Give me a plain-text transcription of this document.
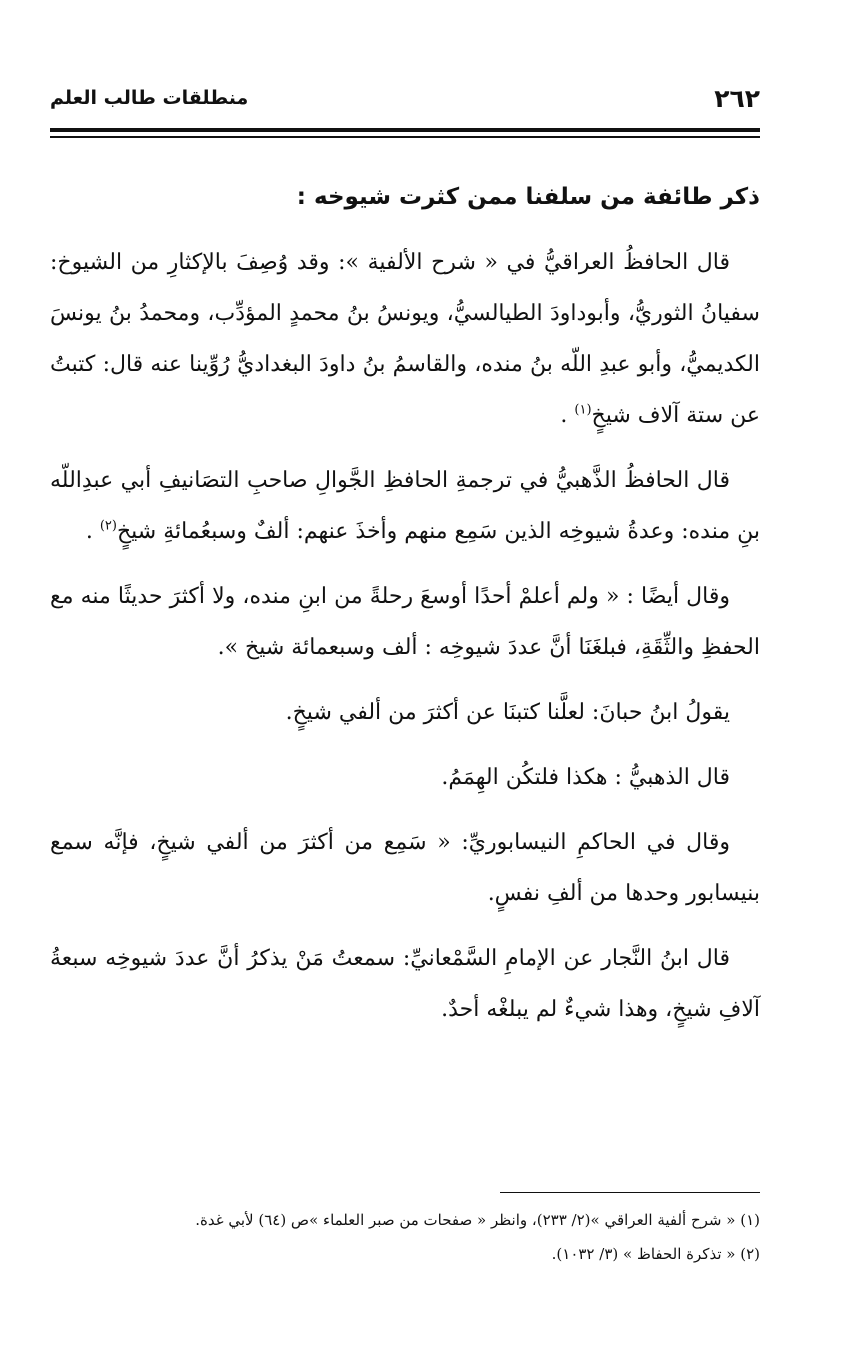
منطلقات طالب العلم	٢٦٢

ذكر طائفة من سلفنا ممن كثرت شيوخه :

قال الحافظُ العراقيُّ في « شرح الألفية »: وقد وُصِفَ بالإكثارِ من الشيوخ: سفيانُ الثوريُّ، وأبوداودَ الطيالسيُّ، ويونسُ بنُ محمدٍ المؤدِّب، ومحمدُ بنُ يونسَ الكديميُّ، وأبو عبدِ اللّه بنُ منده، والقاسمُ بنُ داودَ البغداديُّ رُوِّينا عنه قال: كتبتُ عن ستة آلاف شيخٍ$^{(١)}$ .

قال الحافظُ الذَّهبيُّ في ترجمةِ الحافظِ الجَّوالِ صاحبِ التصَانيفِ أبي عبدِاللّه بنِ منده: وعدةُ شيوخِه الذين سَمِع منهم وأخذَ عنهم: ألفٌ وسبعُمائةِ شيخٍ$^{(٢)}$ .

وقال أيضًا : « ولم أعلمْ أحدًا أوسعَ رحلةً من ابنِ منده، ولا أكثرَ حديثًا منه مع الحفظِ والثِّقَةِ، فبلغَنَا أنَّ عددَ شيوخِه : ألف وسبعمائة شيخ ».

يقولُ ابنُ حبانَ: لعلَّنا كتبنَا عن أكثرَ من ألفي شيخٍ.

قال الذهبيُّ : هكذا فلتكُن الهِمَمُ.

وقال في الحاكمِ النيسابوريِّ: « سَمِع من أكثرَ من ألفي شيخٍ، فإنَّه سمع بنيسابور وحدها من ألفِ نفسٍ.

قال ابنُ النَّجار عن الإمامِ السَّمْعانيِّ: سمعتُ مَنْ يذكرُ أنَّ عددَ شيوخِه سبعةُ آلافِ شيخٍ، وهذا شيءٌ لم يبلغْه أحدٌ.

(١) « شرح ألفية العراقي »(٢/ ٢٣٣)، وانظر « صفحات من صبر العلماء »ص (٦٤) لأبي غدة.

(٢) « تذكرة الحفاظ » (٣/ ١٠٣٢).
